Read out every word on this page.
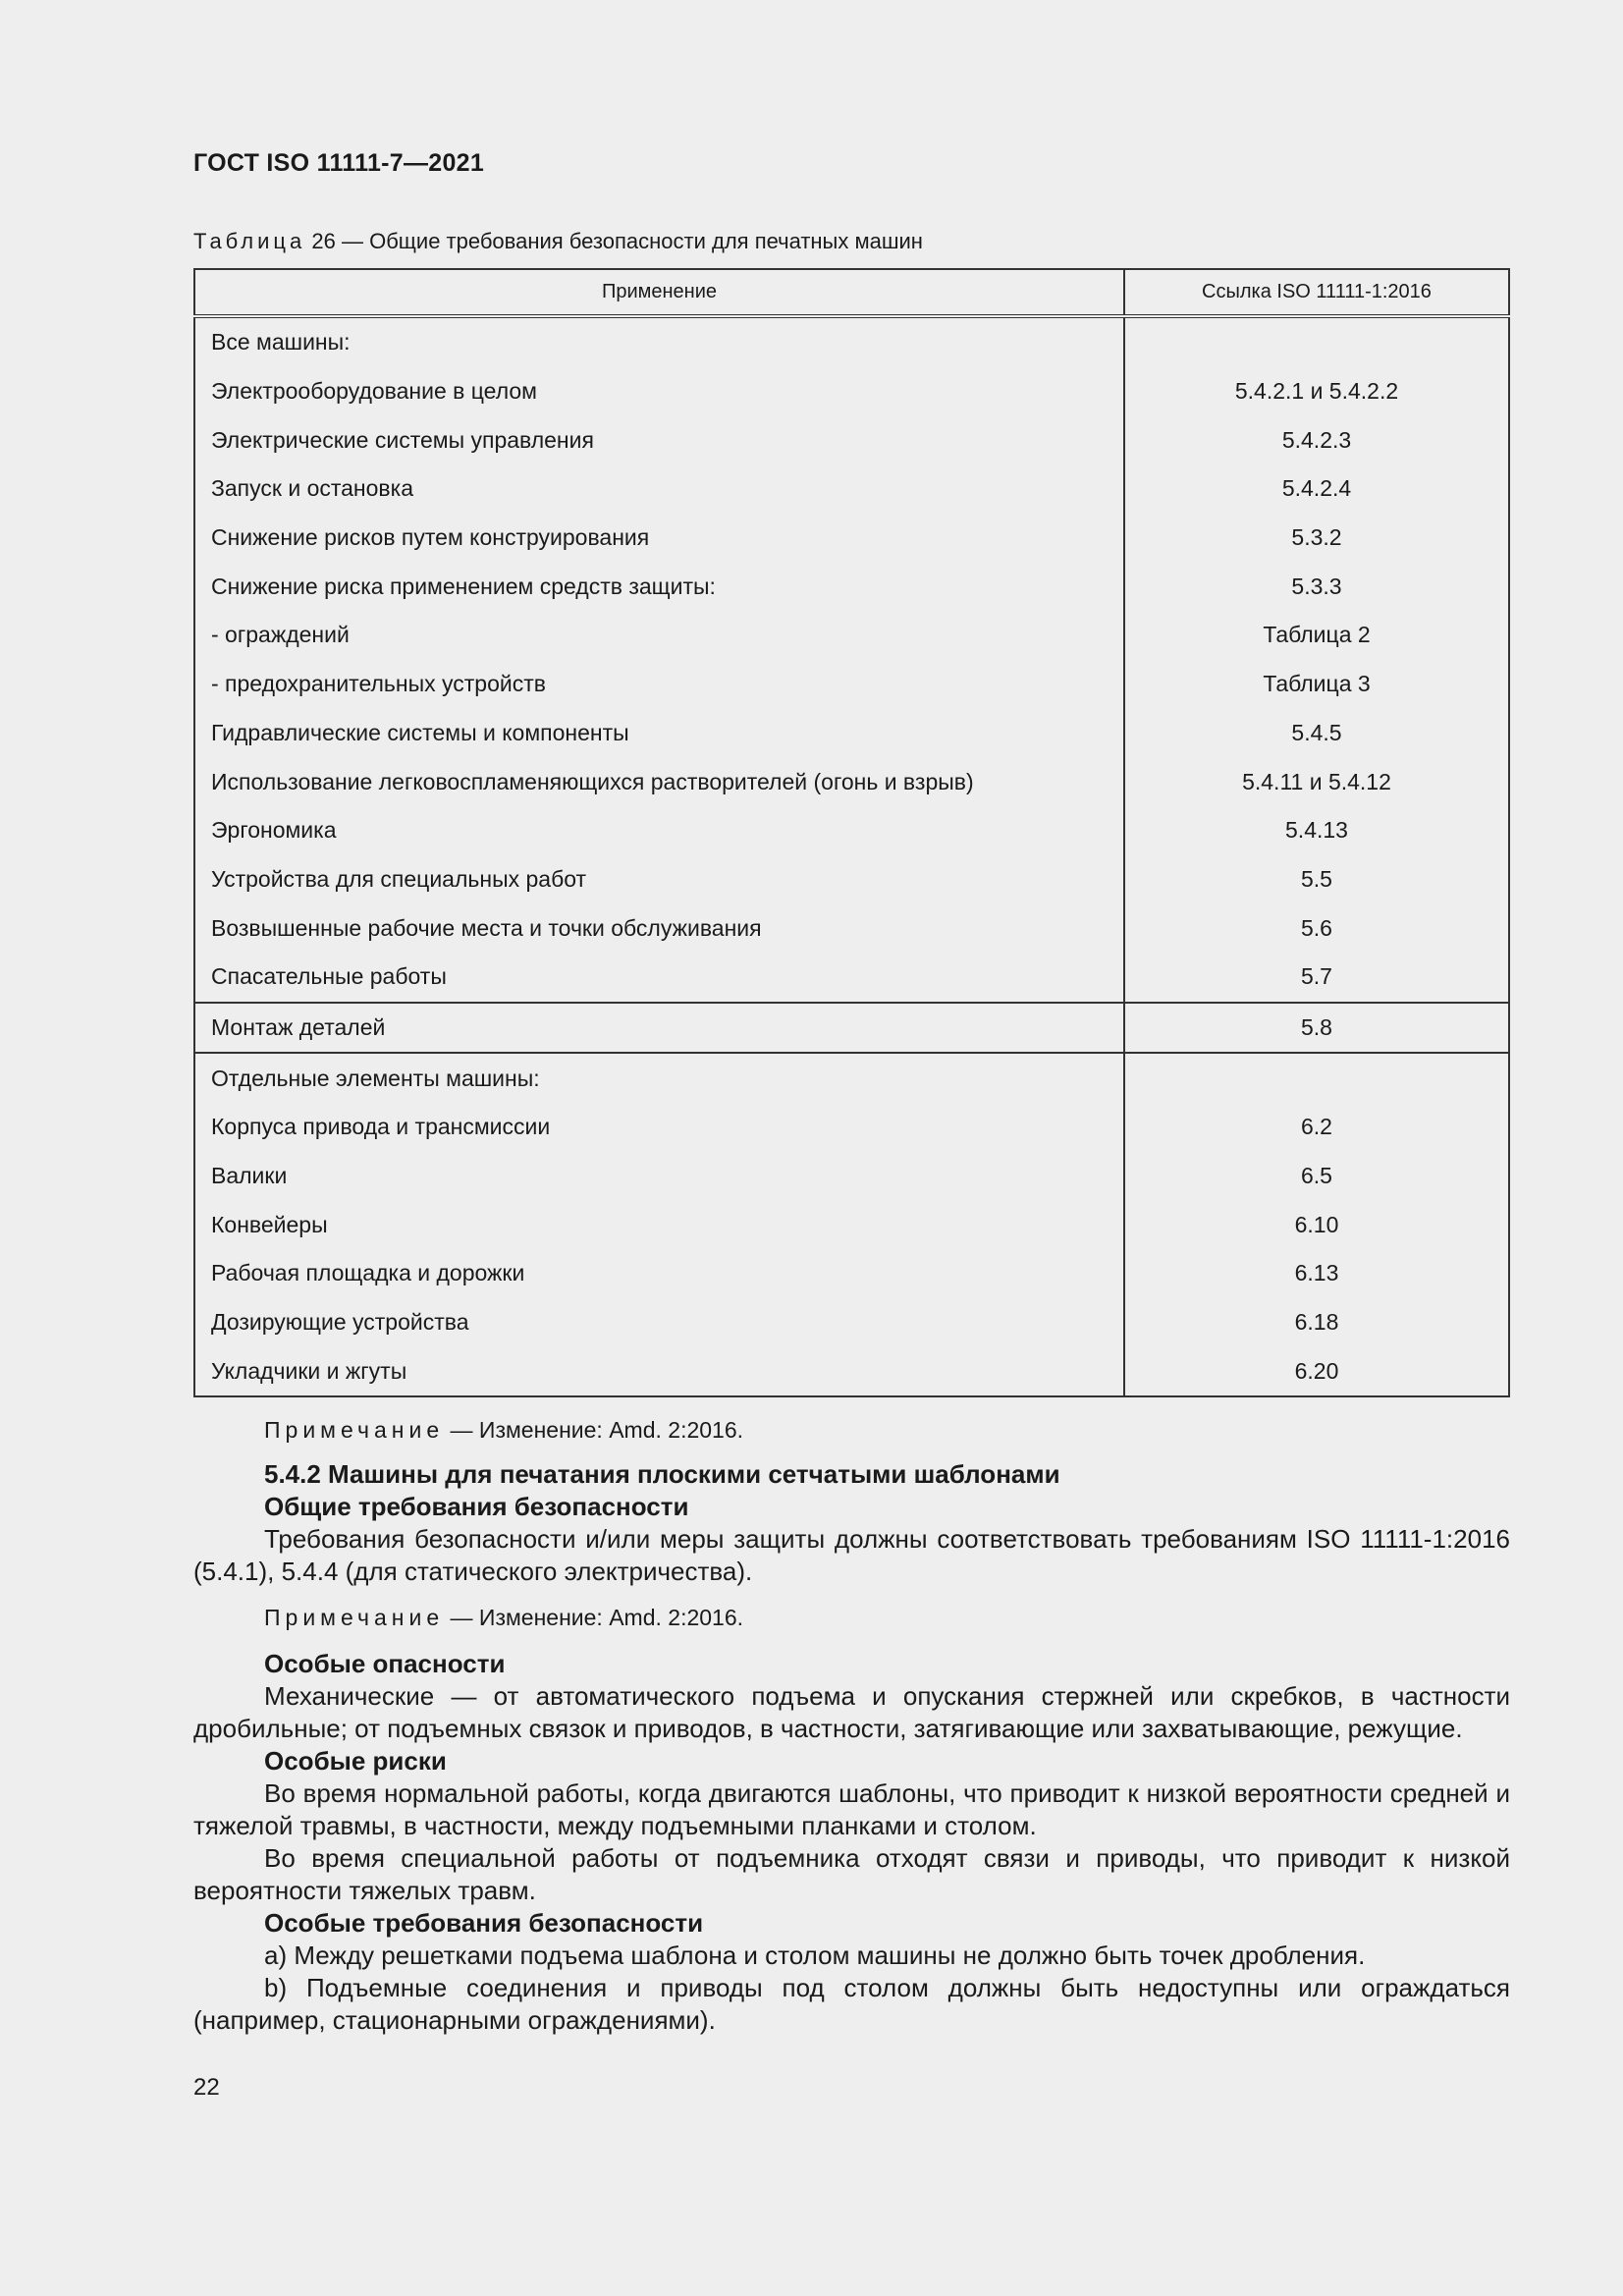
ГОСТ ISO 11111-7—2021
Таблица 26 — Общие требования безопасности для печатных машин
Применение	Ссылка ISO 11111-1:2016
Все машины:	
Электрооборудование в целом	5.4.2.1 и 5.4.2.2
Электрические системы управления	5.4.2.3
Запуск и остановка	5.4.2.4
Снижение рисков путем конструирования	5.3.2
Снижение риска применением средств защиты:	5.3.3
- ограждений	Таблица 2
- предохранительных устройств	Таблица 3
Гидравлические системы и компоненты	5.4.5
Использование легковоспламеняющихся растворителей (огонь и взрыв)	5.4.11 и 5.4.12
Эргономика	5.4.13
Устройства для специальных работ	5.5
Возвышенные рабочие места и точки обслуживания	5.6
Спасательные работы	5.7
Монтаж деталей	5.8
Отдельные элементы машины:	
Корпуса привода и трансмиссии	6.2
Валики	6.5
Конвейеры	6.10
Рабочая площадка и дорожки	6.13
Дозирующие устройства	6.18
Укладчики и жгуты	6.20
Примечание — Изменение: Amd. 2:2016.
5.4.2 Машины для печатания плоскими сетчатыми шаблонами
Общие требования безопасности
Требования безопасности и/или меры защиты должны соответствовать требованиям ISO 11111-1:2016 (5.4.1), 5.4.4 (для статического электричества).
Примечание — Изменение: Amd. 2:2016.
Особые опасности
Механические — от автоматического подъема и опускания стержней или скребков, в частности дробильные; от подъемных связок и приводов, в частности, затягивающие или захватывающие, режущие.
Особые риски
Во время нормальной работы, когда двигаются шаблоны, что приводит к низкой вероятности средней и тяжелой травмы, в частности, между подъемными планками и столом.
Во время специальной работы от подъемника отходят связи и приводы, что приводит к низкой вероятности тяжелых травм.
Особые требования безопасности
a) Между решетками подъема шаблона и столом машины не должно быть точек дробления.
b) Подъемные соединения и приводы под столом должны быть недоступны или ограждаться (например, стационарными ограждениями).
22
